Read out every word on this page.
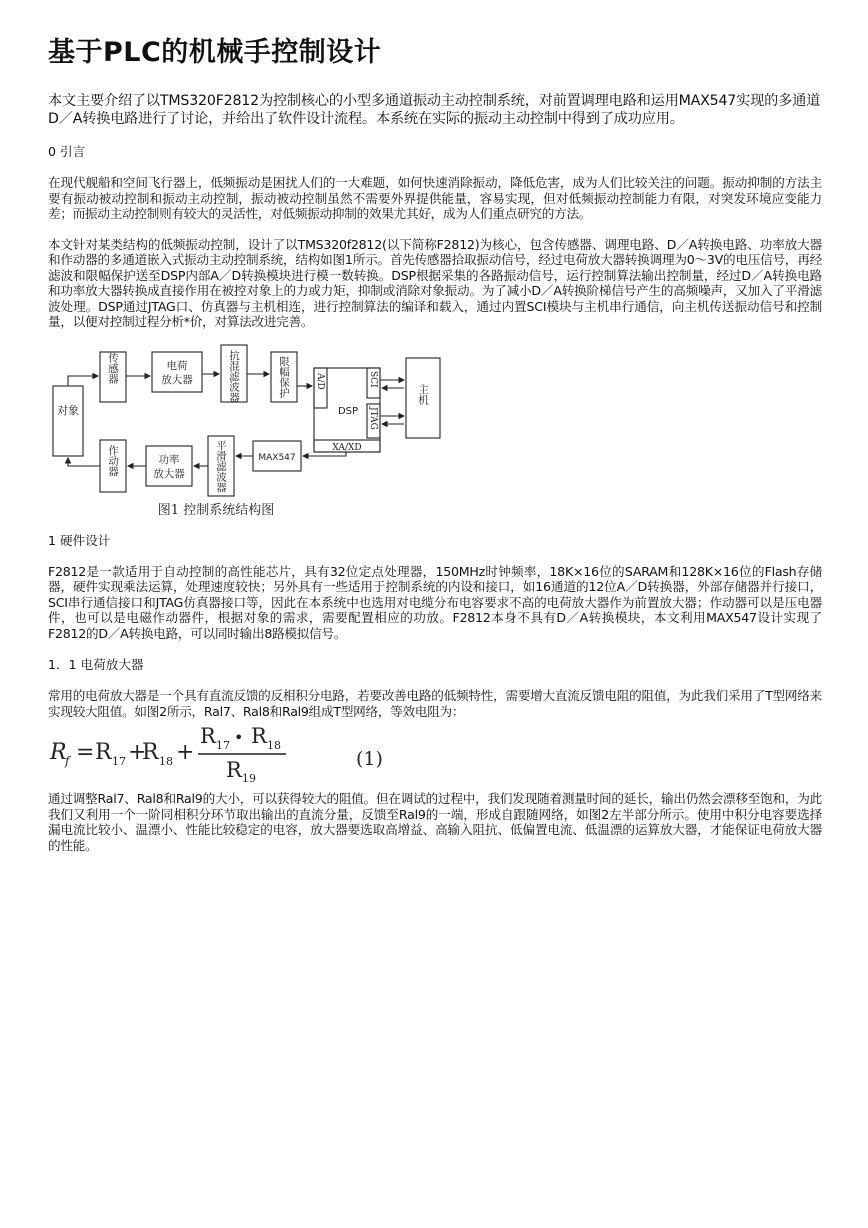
基于PLC的机械手控制设计

本文主要介绍了以TMS320F2812为控制核心的小型多通道振动主动控制系统，对前置调理电路和运用MAX547实现的多通道D／A转换电路进行了讨论，并给出了软件设计流程。本系统在实际的振动主动控制中得到了成功应用。

0 引言

在现代舰船和空间飞行器上，低频振动是困扰人们的一大难题，如何快速消除振动，降低危害，成为人们比较关注的问题。振动抑制的方法主要有振动被动控制和振动主动控制，振动被动控制虽然不需要外界提供能量，容易实现，但对低频振动控制能力有限，对突发环境应变能力差；而振动主动控制则有较大的灵活性，对低频振动抑制的效果尤其好，成为人们重点研究的方法。

本文针对某类结构的低频振动控制，设计了以TMS320f2812(以下简称F2812)为核心，包含传感器、调理电路、D／A转换电路、功率放大器和作动器的多通道嵌入式振动主动控制系统，结构如图1所示。首先传感器拾取振动信号，经过电荷放大器转换调理为0～3V的电压信号，再经滤波和限幅保护送至DSP内部A／D转换模块进行模一数转换。DSP根据采集的各路振动信号，运行控制算法输出控制量，经过D／A转换电路和功率放大器转换成直接作用在被控对象上的力或力矩，抑制或消除对象振动。为了减小D／A转换阶梯信号产生的高频噪声，又加入了平滑滤波处理。DSP通过JTAG口、仿真器与主机相连，进行控制算法的编译和载入，通过内置SCI模块与主机串行通信，向主机传送振动信号和控制量，以便对控制过程分析*价，对算法改进完善。

对象
传感器	电荷
放大器	抗混滤波器	限幅保护	A/D
DSP
SCI
JTAG
XA/XD
主机
MAX547
平滑滤波器
功率
放大器
作动器
图1 控制系统结构图

1 硬件设计

F2812是一款适用于自动控制的高性能芯片，具有32位定点处理器，150MHz时钟频率，18K×16位的SARAM和128K×16位的Flash存储器，硬件实现乘法运算，处理速度较快；另外具有一些适用于控制系统的内设和接口，如16通道的12位A／D转换器，外部存储器并行接口，SCI串行通信接口和JTAG仿真器接口等，因此在本系统中也选用对电缆分布电容要求不高的电荷放大器作为前置放大器；作动器可以是压电器件，也可以是电磁作动器件，根据对象的需求，需要配置相应的功放。F2812本身不具有D／A转换模块，本文利用MAX547设计实现了F2812的D／A转换电路，可以同时输出8路模拟信号。

1．1 电荷放大器

常用的电荷放大器是一个具有直流反馈的反相积分电路，若要改善电路的低频特性，需要增大直流反馈电阻的阻值，为此我们采用了T型网络来实现较大阻值。如图2所示，Ral7、Ral8和Ral9组成T型网络，等效电阻为：

R
f = R 17 +
R 18 +
R 17 • R 18
R 19
(1)

通过调整Ral7、Ral8和Ral9的大小，可以获得较大的阻值。但在调试的过程中，我们发现随着测量时间的延长，输出仍然会漂移至饱和，为此我们又利用一个一阶同相积分环节取出输出的直流分量，反馈至Ral9的一端，形成自跟随网络，如图2左半部分所示。使用中积分电容要选择漏电流比较小、温漂小、性能比较稳定的电容，放大器要选取高增益、高输入阻抗、低偏置电流、低温漂的运算放大器，才能保证电荷放大器的性能。
